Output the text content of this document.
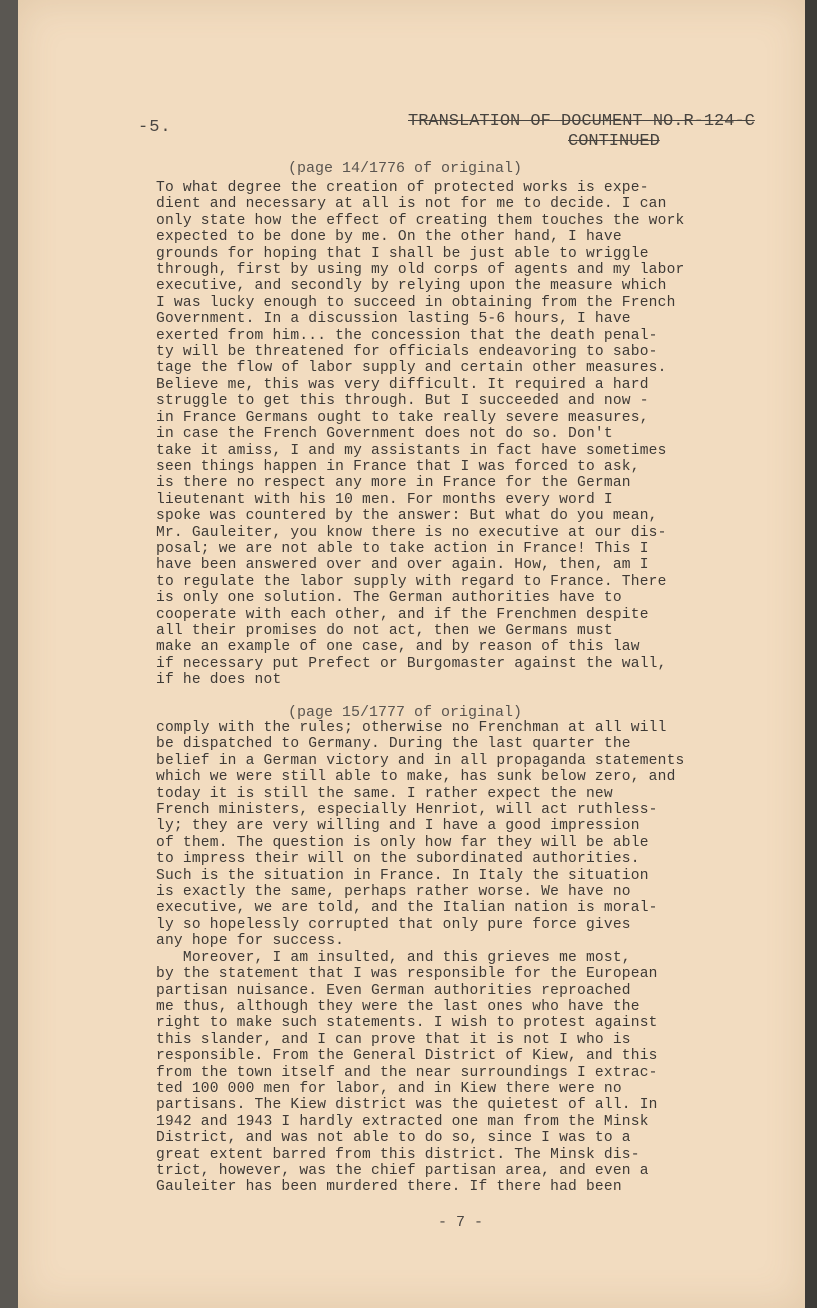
-5.	TRANSLATION OF DOCUMENT NO.R-124-C
CONTINUED
(page 14/1776 of original)
To what degree the creation of protected works is expe-
dient and necessary at all is not for me to decide. I can
only state how the effect of creating them touches the work
expected to be done by me. On the other hand, I have
grounds for hoping that I shall be just able to wriggle
through, first by using my old corps of agents and my labor
executive, and secondly by relying upon the measure which
I was lucky enough to succeed in obtaining from the French
Government. In a discussion lasting 5-6 hours, I have
exerted from him... the concession that the death penal-
ty will be threatened for officials endeavoring to sabo-
tage the flow of labor supply and certain other measures.
Believe me, this was very difficult. It required a hard
struggle to get this through. But I succeeded and now -
in France Germans ought to take really severe measures,
in case the French Government does not do so. Don't
take it amiss, I and my assistants in fact have sometimes
seen things happen in France that I was forced to ask,
is there no respect any more in France for the German
lieutenant with his 10 men. For months every word I
spoke was countered by the answer: But what do you mean,
Mr. Gauleiter, you know there is no executive at our dis-
posal; we are not able to take action in France! This I
have been answered over and over again. How, then, am I
to regulate the labor supply with regard to France. There
is only one solution. The German authorities have to
cooperate with each other, and if the Frenchmen despite
all their promises do not act, then we Germans must
make an example of one case, and by reason of this law
if necessary put Prefect or Burgomaster against the wall,
if he does not
(page 15/1777 of original)
comply with the rules; otherwise no Frenchman at all will
be dispatched to Germany. During the last quarter the
belief in a German victory and in all propaganda statements
which we were still able to make, has sunk below zero, and
today it is still the same. I rather expect the new
French ministers, especially Henriot, will act ruthless-
ly; they are very willing and I have a good impression
of them. The question is only how far they will be able
to impress their will on the subordinated authorities.
Such is the situation in France. In Italy the situation
is exactly the same, perhaps rather worse. We have no
executive, we are told, and the Italian nation is moral-
ly so hopelessly corrupted that only pure force gives
any hope for success.
Moreover, I am insulted, and this grieves me most,
by the statement that I was responsible for the European
partisan nuisance. Even German authorities reproached
me thus, although they were the last ones who have the
right to make such statements. I wish to protest against
this slander, and I can prove that it is not I who is
responsible. From the General District of Kiew, and this
from the town itself and the near surroundings I extrac-
ted 100 000 men for labor, and in Kiew there were no
partisans. The Kiew district was the quietest of all. In
1942 and 1943 I hardly extracted one man from the Minsk
District, and was not able to do so, since I was to a
great extent barred from this district. The Minsk dis-
trict, however, was the chief partisan area, and even a
Gauleiter has been murdered there. If there had been
- 7 -
